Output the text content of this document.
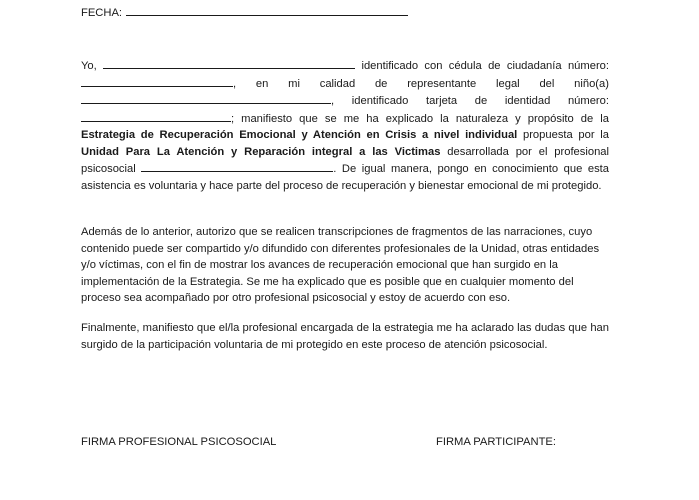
FECHA:

Yo,	identificado con cédula de ciudadanía número: , en mi calidad de representante legal del niño(a) , identificado tarjeta de identidad número: ; manifiesto que se me ha explicado la naturaleza y propósito de la Estrategia de Recuperación Emocional y Atención en Crisis a nivel individual propuesta por la Unidad Para La Atención y Reparación integral a las Victimas desarrollada por el profesional psicosocial	. De igual manera, pongo en conocimiento que esta asistencia es voluntaria y hace parte del proceso de recuperación y bienestar emocional de mi protegido.

Además de lo anterior, autorizo que se realicen transcripciones de fragmentos de las narraciones, cuyo contenido puede ser compartido y/o difundido con diferentes profesionales de la Unidad, otras entidades y/o víctimas, con el fin de mostrar los avances de recuperación emocional que han surgido en la implementación de la Estrategia. Se me ha explicado que es posible que en cualquier momento del proceso sea acompañado por otro profesional psicosocial y estoy de acuerdo con eso.

Finalmente, manifiesto que el/la profesional encargada de la estrategia me ha aclarado las dudas que han surgido de la participación voluntaria de mi protegido en este proceso de atención psicosocial.

FIRMA PROFESIONAL PSICOSOCIAL	FIRMA PARTICIPANTE:
